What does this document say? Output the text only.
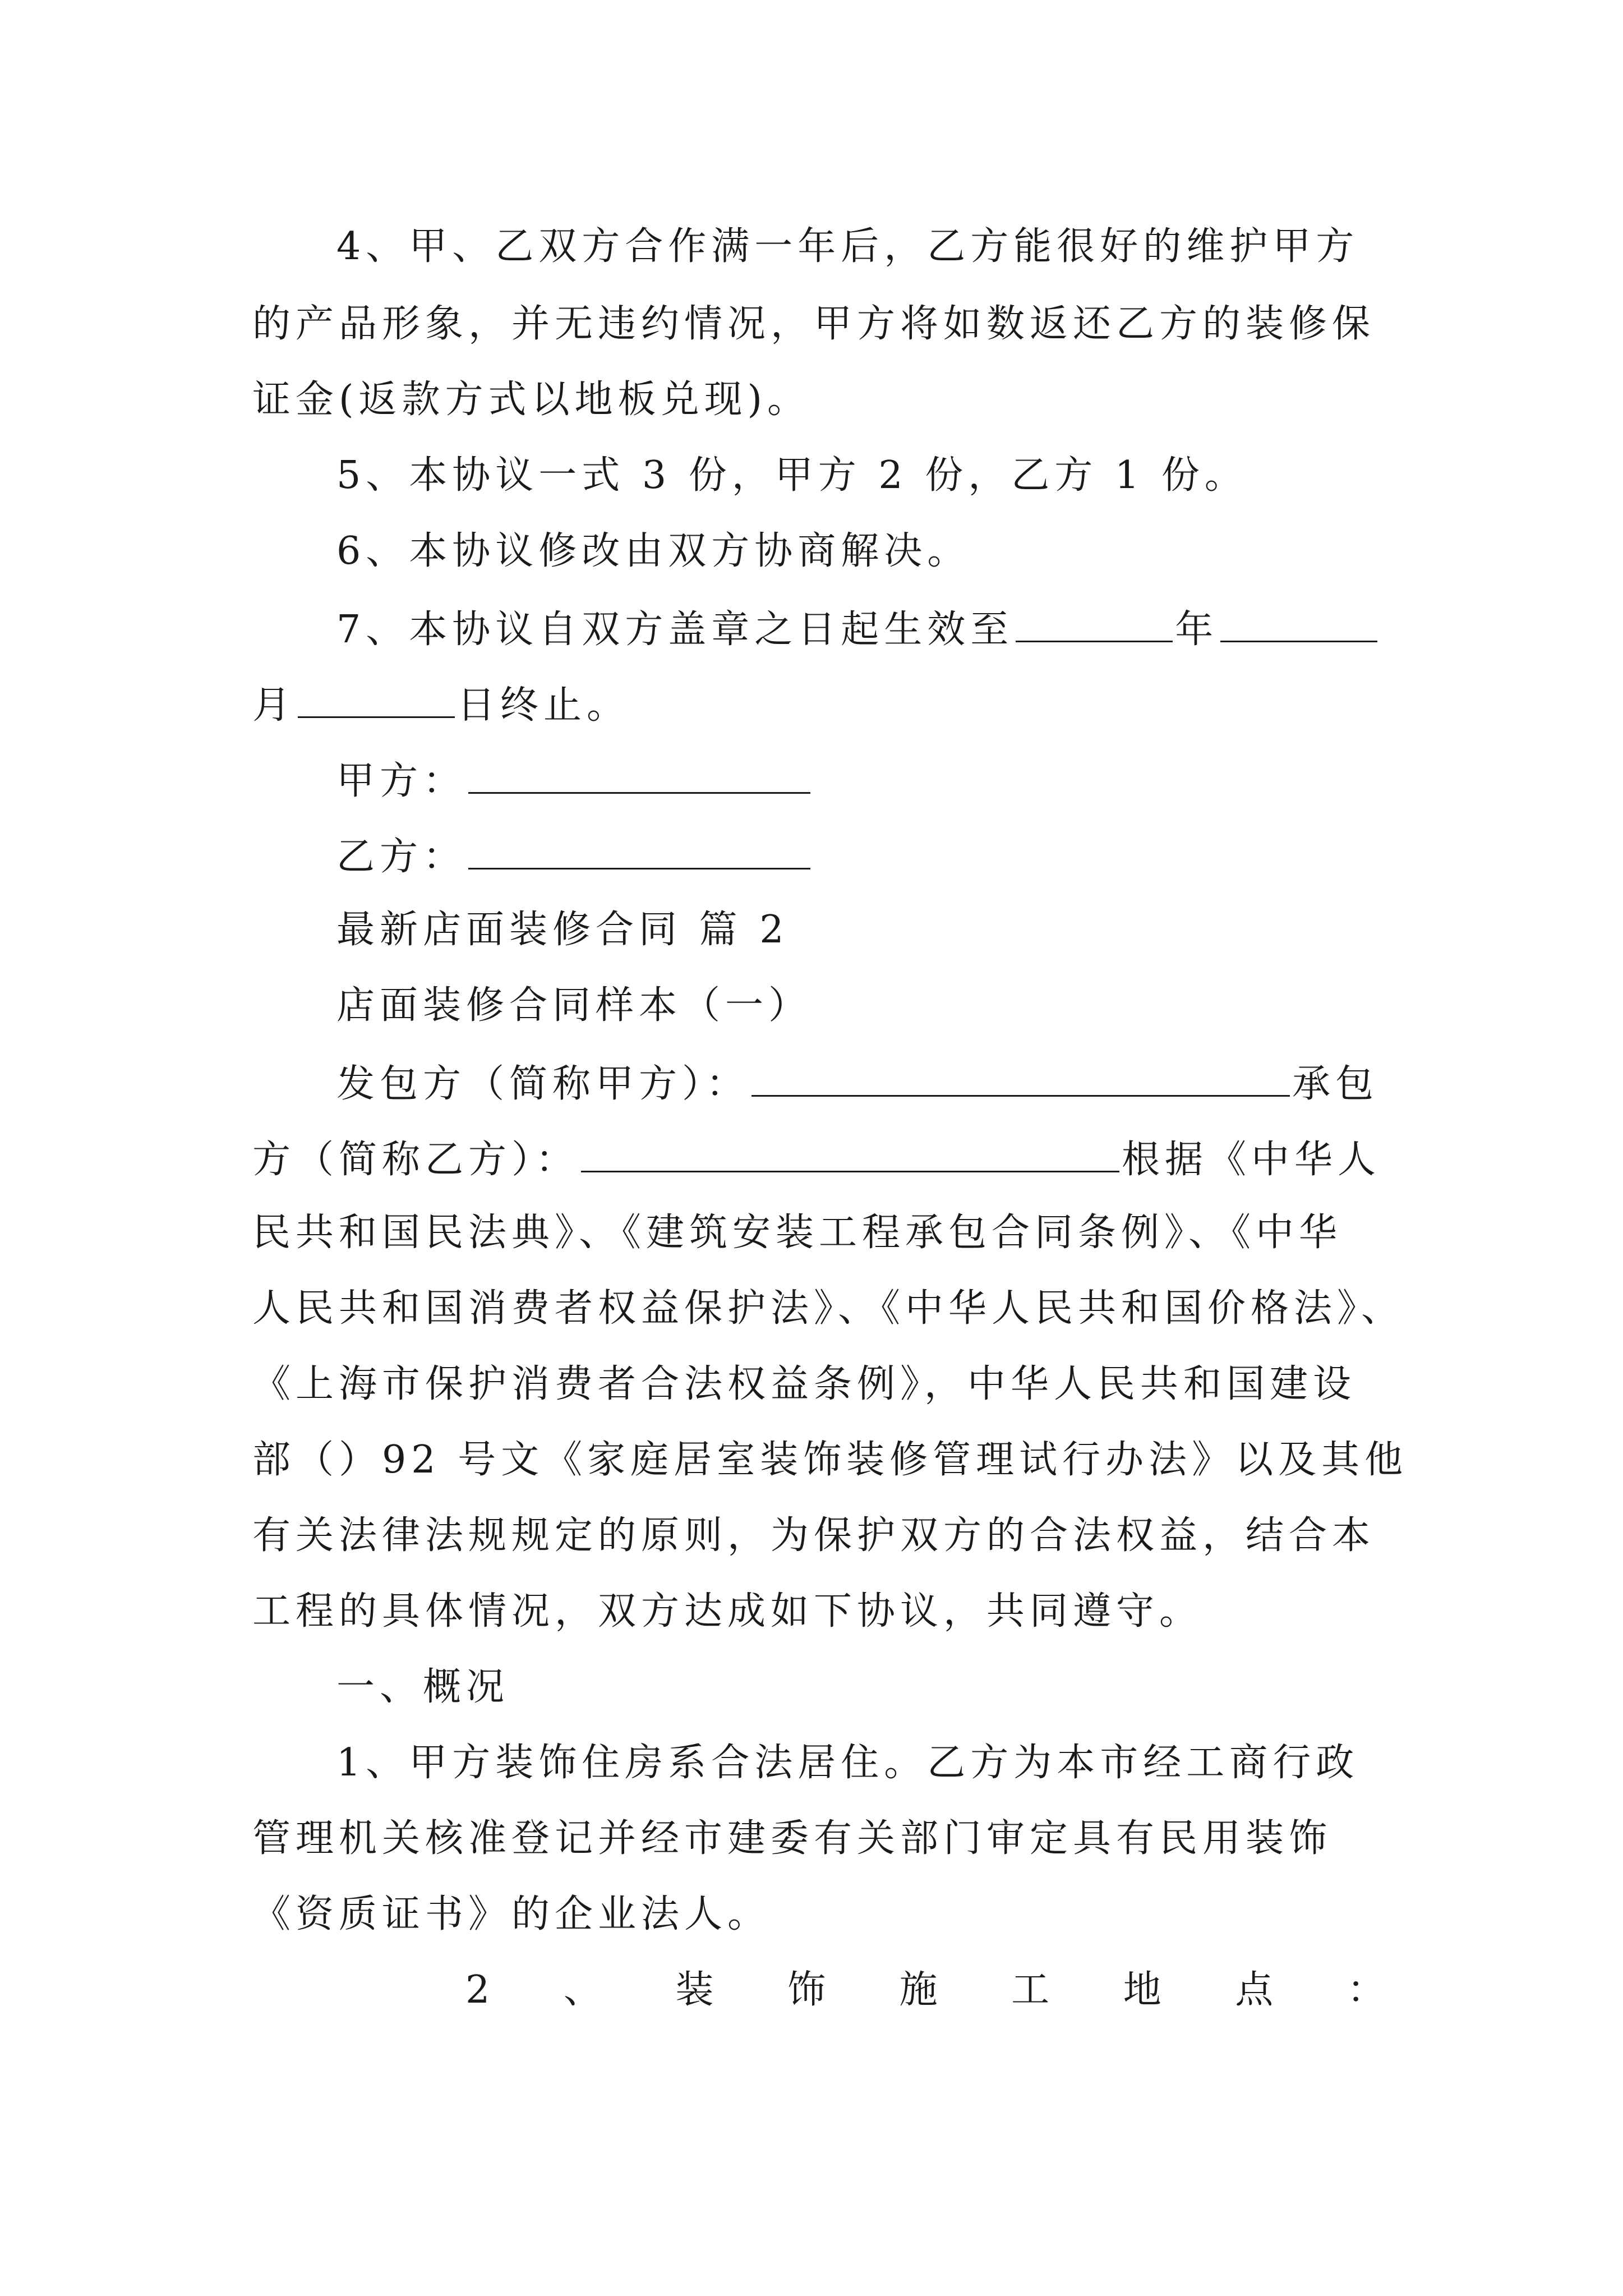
4、甲、乙双方合作满一年后，乙方能很好的维护甲方
的产品形象，并无违约情况，甲方将如数返还乙方的装修保
证金(返款方式以地板兑现)。
5、本协议一式 3 份，甲方 2 份，乙方 1 份。
6、本协议修改由双方协商解决。
7、本协议自双方盖章之日起生效至	年
月	日终止。
甲方：
乙方：
最新店面装修合同 篇 2
店面装修合同样本（一）
发包方（简称甲方）：	承包
方（简称乙方）：	根据《中华人
民共和国民法典》、《建筑安装工程承包合同条例》、《中华
人民共和国消费者权益保护法》、《中华人民共和国价格法》、
《上海市保护消费者合法权益条例》，中华人民共和国建设
部（）92 号文《家庭居室装饰装修管理试行办法》以及其他
有关法律法规规定的原则，为保护双方的合法权益，结合本
工程的具体情况，双方达成如下协议，共同遵守。
一、概况
1、甲方装饰住房系合法居住。乙方为本市经工商行政
管理机关核准登记并经市建委有关部门审定具有民用装饰
《资质证书》的企业法人。
2 、 装 饰 施 工 地 点 ：
